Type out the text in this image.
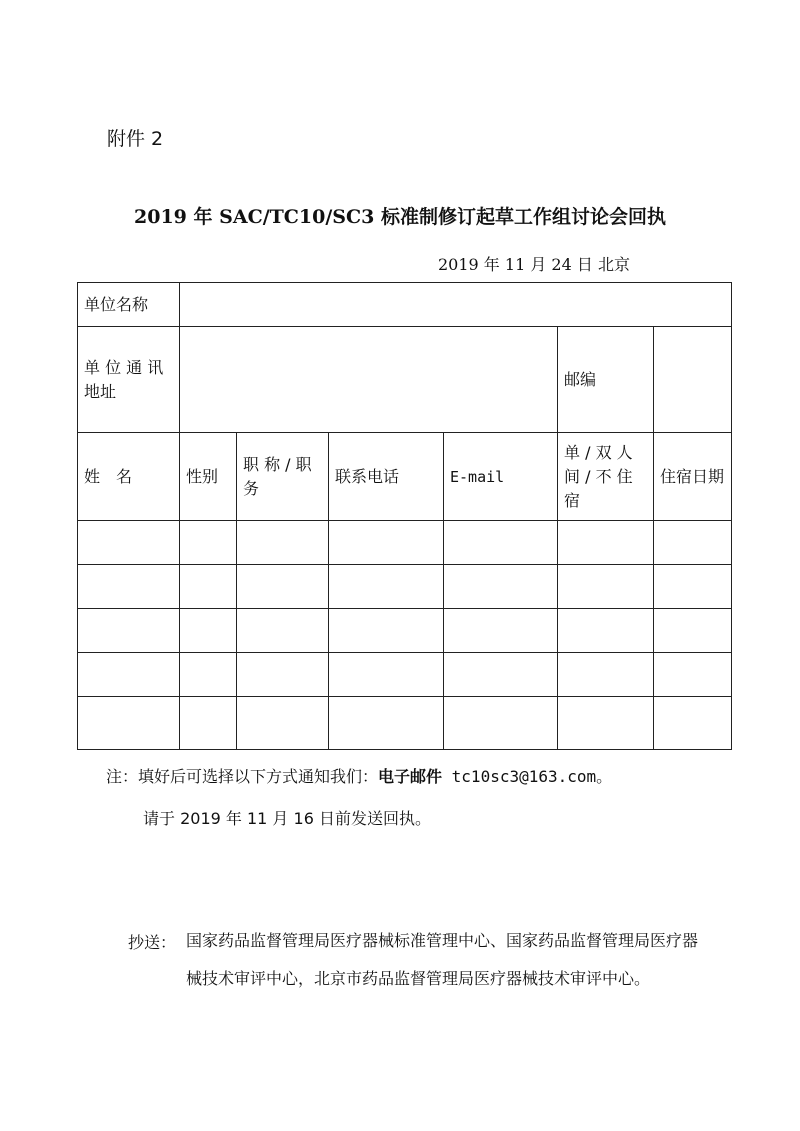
附件 2
2019 年 SAC/TC10/SC3 标准制修订起草工作组讨论会回执
2019 年 11 月 24 日 北京
单位名称						
单 位 通 讯 地址					邮编	
姓　名	性别	职 称 / 职 务	联系电话	E-mail	单 / 双 人 间 / 不 住 宿	住宿日期

注：填好后可选择以下方式通知我们：电子邮件 tc10sc3@163.com。
请于 2019 年 11 月 16 日前发送回执。
抄送： 国家药品监督管理局医疗器械标准管理中心、国家药品监督管理局医疗器械技术审评中心，北京市药品监督管理局医疗器械技术审评中心。
